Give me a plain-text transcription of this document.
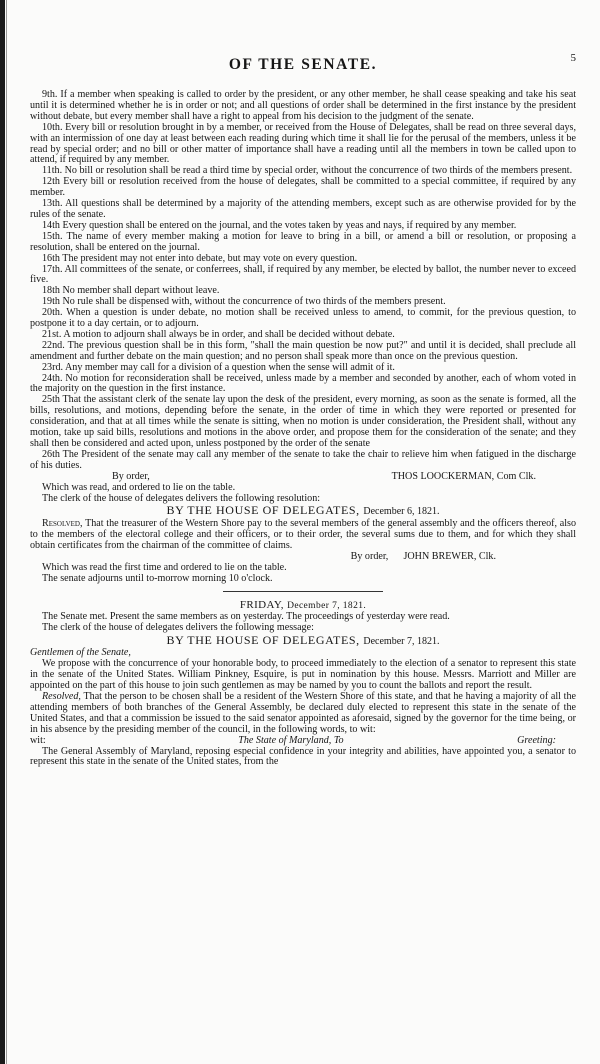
OF THE SENATE.	5

9th. If a member when speaking is called to order by the president, or any other member, he shall cease speaking and take his seat until it is determined whether he is in order or not; and all questions of order shall be determined in the first instance by the president without debate, but every member shall have a right to appeal from his decision to the judgment of the senate.

10th. Every bill or resolution brought in by a member, or received from the House of Delegates, shall be read on three several days, with an intermission of one day at least between each reading during which time it shall lie for the perusal of the members, unless it be read by special order; and no bill or other matter of importance shall have a reading until all the members in town be called upon to attend, if required by any member.

11th. No bill or resolution shall be read a third time by special order, without the concurrence of two thirds of the members present.

12th Every bill or resolution received from the house of delegates, shall be committed to a special committee, if required by any member.

13th. All questions shall be determined by a majority of the attending members, except such as are otherwise provided for by the rules of the senate.

14th Every question shall be entered on the journal, and the votes taken by yeas and nays, if required by any member.

15th. The name of every member making a motion for leave to bring in a bill, or amend a bill or resolution, or proposing a resolution, shall be entered on the journal.

16th The president may not enter into debate, but may vote on every question.

17th. All committees of the senate, or conferrees, shall, if required by any member, be elected by ballot, the number never to exceed five.

18th No member shall depart without leave.

19th No rule shall be dispensed with, without the concurrence of two thirds of the members present.

20th. When a question is under debate, no motion shall be received unless to amend, to commit, for the previous question, to postpone it to a day certain, or to adjourn.

21st. A motion to adjourn shall always be in order, and shall be decided without debate.

22nd. The previous question shall be in this form, "shall the main question be now put?" and until it is decided, shall preclude all amendment and further debate on the main question; and no person shall speak more than once on the previous question.

23rd. Any member may call for a division of a question when the sense will admit of it.

24th. No motion for reconsideration shall be received, unless made by a member and seconded by another, each of whom voted in the majority on the question in the first instance.

25th That the assistant clerk of the senate lay upon the desk of the president, every morning, as soon as the senate is formed, all the bills, resolutions, and motions, depending before the senate, in the order of time in which they were reported or presented for consideration, and that at all times while the senate is sitting, when no motion is under consideration, the President shall, without any motion, take up said bills, resolutions and motions in the above order, and propose them for the consideration of the senate; and they shall then be considered and acted upon, unless postponed by the order of the senate

26th The President of the senate may call any member of the senate to take the chair to relieve him when fatigued in the discharge of his duties.

By order,	THOS LOOCKERMAN, Com Clk.

Which was read, and ordered to lie on the table.

The clerk of the house of delegates delivers the following resolution:

BY THE HOUSE OF DELEGATES, December 6, 1821.

Resolved, That the treasurer of the Western Shore pay to the several members of the general assembly and the officers thereof, also to the members of the electoral college and their officers, or to their order, the several sums due to them, and for which they shall obtain certificates from the chairman of the committee of claims.

By order, JOHN BREWER, Clk.

Which was read the first time and ordered to lie on the table.

The senate adjourns until to-morrow morning 10 o'clock.

FRIDAY, December 7, 1821.

The Senate met. Present the same members as on yesterday. The proceedings of yesterday were read.

The clerk of the house of delegates delivers the following message:

BY THE HOUSE OF DELEGATES, December 7, 1821.
Gentlemen of the Senate,

We propose with the concurrence of your honorable body, to proceed immediately to the election of a senator to represent this state in the senate of the United States. William Pinkney, Esquire, is put in nomination by this house. Messrs. Marriott and Miller are appointed on the part of this house to join such gentlemen as may be named by you to count the ballots and report the result.

Resolved, That the person to be chosen shall be a resident of the Western Shore of this state, and that he having a majority of all the attending members of both branches of the General Assembly, be declared duly elected to represent this state in the senate of the United States, and that a commission be issued to the said senator appointed as aforesaid, signed by the governor for the time being, or in his absence by the presiding member of the council, in the following words, to wit:

wit:	The State of Maryland, To	Greeting:

The General Assembly of Maryland, reposing especial confidence in your integrity and abilities, have appointed you, a senator to represent this state in the senate of the United states, from the
